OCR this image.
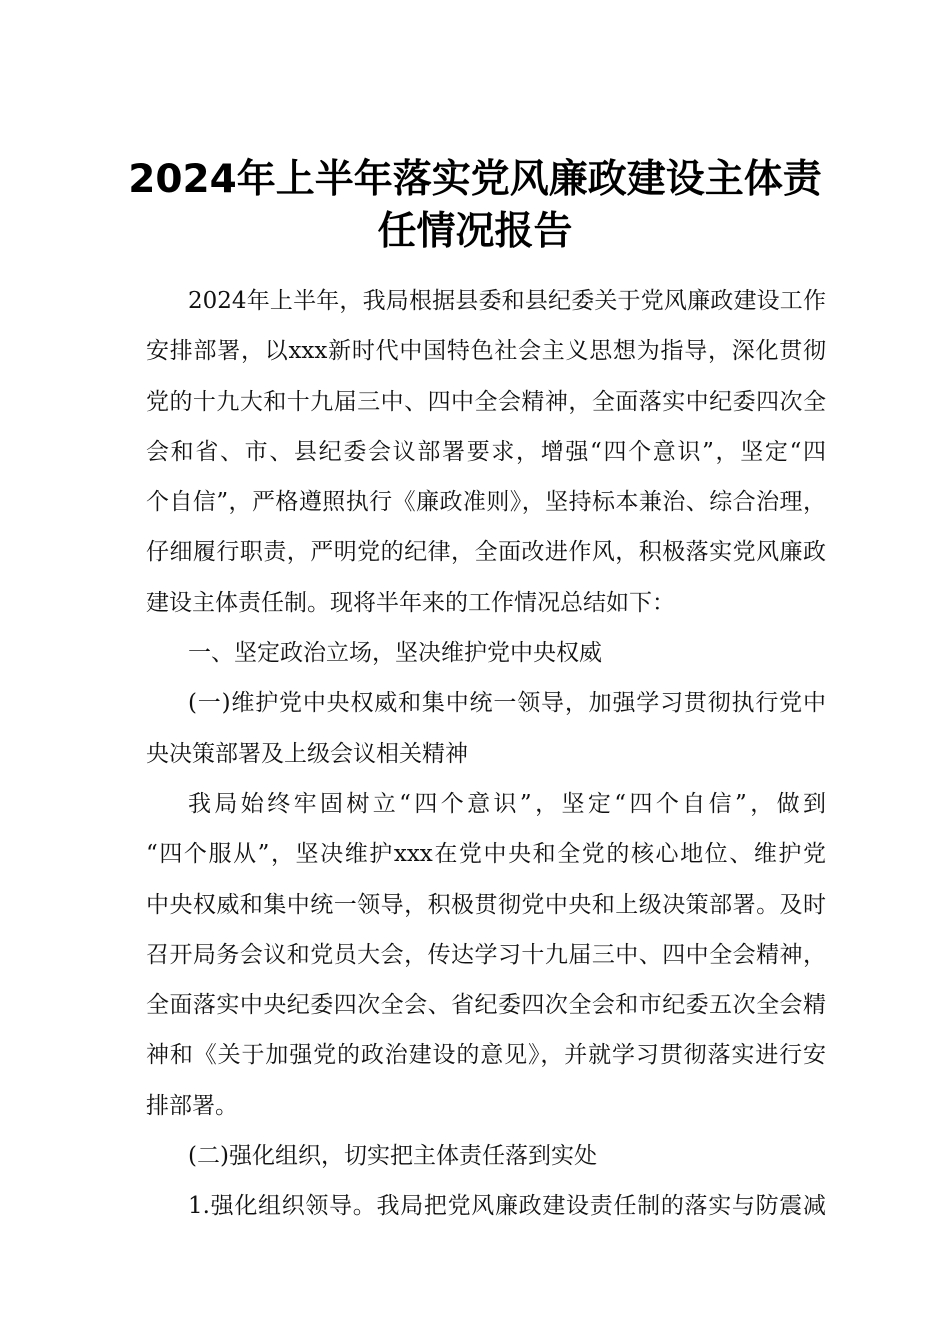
2024年上半年落实党风廉政建设主体责
任情况报告

2024年上半年，我局根据县委和县纪委关于党风廉政建设工作
安排部署，以xxx新时代中国特色社会主义思想为指导，深化贯彻
党的十九大和十九届三中、四中全会精神，全面落实中纪委四次全
会和省、市、县纪委会议部署要求，增强“四个意识”，坚定“四
个自信”，严格遵照执行《廉政准则》，坚持标本兼治、综合治理，
仔细履行职责，严明党的纪律，全面改进作风，积极落实党风廉政
建设主体责任制。现将半年来的工作情况总结如下：

一、坚定政治立场，坚决维护党中央权威

(一)维护党中央权威和集中统一领导，加强学习贯彻执行党中
央决策部署及上级会议相关精神

我局始终牢固树立“四个意识”，坚定“四个自信”，做到
“四个服从”，坚决维护xxx在党中央和全党的核心地位、维护党
中央权威和集中统一领导，积极贯彻党中央和上级决策部署。及时
召开局务会议和党员大会，传达学习十九届三中、四中全会精神，
全面落实中央纪委四次全会、省纪委四次全会和市纪委五次全会精
神和《关于加强党的政治建设的意见》，并就学习贯彻落实进行安
排部署。

(二)强化组织，切实把主体责任落到实处

1.强化组织领导。我局把党风廉政建设责任制的落实与防震减
